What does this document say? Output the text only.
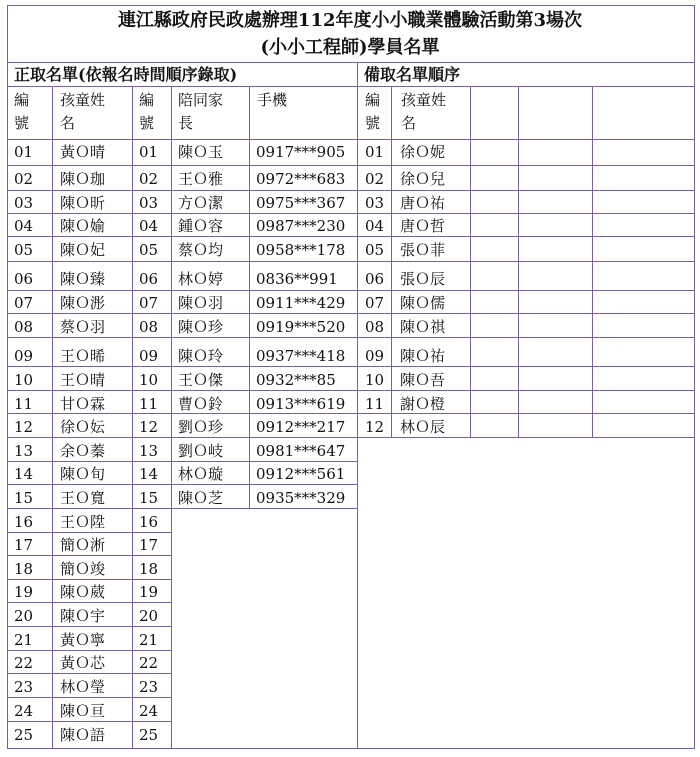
連江縣政府民政處辦理112年度小小職業體驗活動第3場次
(小小工程師)學員名單
正取名單(依報名時間順序錄取)	備取名單順序
編
號
孩童姓
名
編
號
陪同家
長
手機	編
號
孩童姓
名
01 黃Ｏ晴 01 陳Ｏ玉 0917***905
02 陳Ｏ珈 02 王Ｏ雅 0972***683
03 陳Ｏ昕 03 方Ｏ潔 0975***367
04 陳Ｏ媮 04 鍾Ｏ容 0987***230
05 陳Ｏ妃 05 蔡Ｏ均 0958***178
06 陳Ｏ臻 06 林Ｏ婷 0836**991
07 陳Ｏ浵 07 陳Ｏ羽 0911***429
08 蔡Ｏ羽 08 陳Ｏ珍 0919***520
09 王Ｏ晞 09 陳Ｏ玲 0937***418
10 王Ｏ晴 10 王Ｏ傑 0932***85
11 甘Ｏ霖 11 曹Ｏ鈴 0913***619
12 徐Ｏ妘 12 劉Ｏ珍 0912***217
13 余Ｏ蓁 13 劉Ｏ岐 0981***647
14 陳Ｏ旬 14 林Ｏ璇 0912***561
15 王Ｏ寬 15 陳Ｏ芝 0935***329
16 王Ｏ陞 16
17 簡Ｏ淅 17
18 簡Ｏ竣 18
19 陳Ｏ葳 19
20 陳Ｏ宇 20
21 黃Ｏ寧 21
22 黃Ｏ芯 22
23 林Ｏ瑩 23
24 陳Ｏ亘 24
25 陳Ｏ語 25
01 徐Ｏ妮
02 徐Ｏ兒
03 唐Ｏ祐
04 唐Ｏ哲
05 張Ｏ菲
06 張Ｏ辰
07 陳Ｏ儒
08 陳Ｏ祺
09 陳Ｏ祐
10 陳Ｏ吾
11 謝Ｏ橙
12 林Ｏ辰
